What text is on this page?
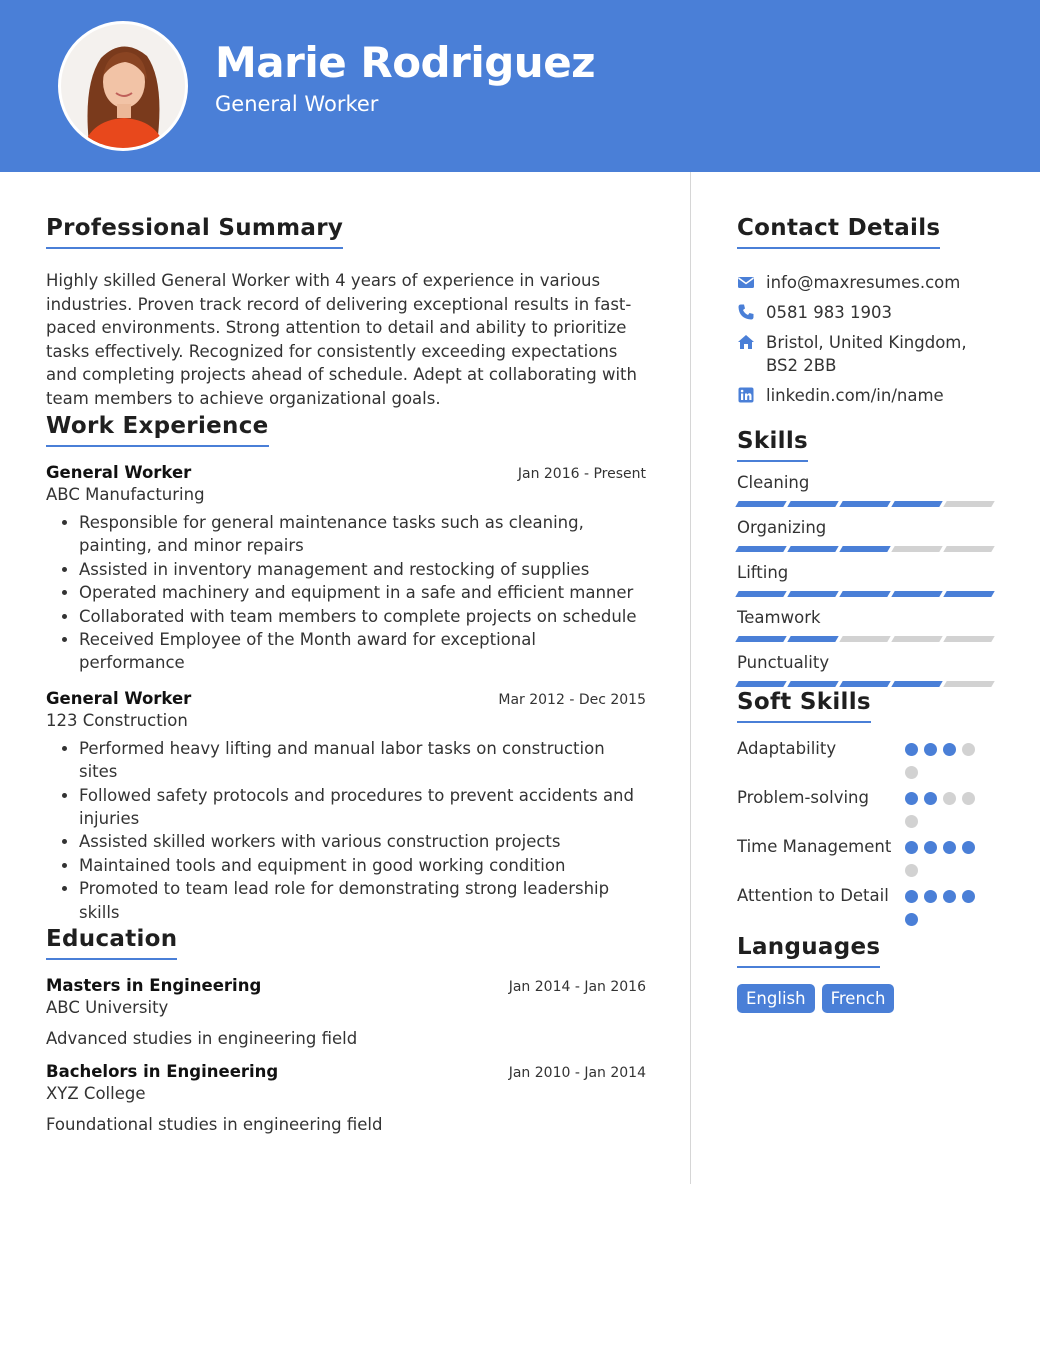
Marie Rodriguez
General Worker
Professional Summary

Highly skilled General Worker with 4 years of experience in various industries. Proven track record of delivering exceptional results in fast-paced environments. Strong attention to detail and ability to prioritize tasks effectively. Recognized for consistently exceeding expectations and completing projects ahead of schedule. Adept at collaborating with team members to achieve organizational goals.

Work Experience
General Worker	Jan 2016 - Present
ABC Manufacturing
• Responsible for general maintenance tasks such as cleaning, painting, and minor repairs
• Assisted in inventory management and restocking of supplies
• Operated machinery and equipment in a safe and efficient manner
• Collaborated with team members to complete projects on schedule
• Received Employee of the Month award for exceptional performance
General Worker	Mar 2012 - Dec 2015
123 Construction
• Performed heavy lifting and manual labor tasks on construction sites
• Followed safety protocols and procedures to prevent accidents and injuries
• Assisted skilled workers with various construction projects
• Maintained tools and equipment in good working condition
• Promoted to team lead role for demonstrating strong leadership skills
Education
Masters in Engineering	Jan 2014 - Jan 2016
ABC University
Advanced studies in engineering field
Bachelors in Engineering	Jan 2010 - Jan 2014
XYZ College
Foundational studies in engineering field
Contact Details
info@maxresumes.com
0581 983 1903
Bristol, United Kingdom, BS2 2BB
linkedin.com/in/name
Skills
Cleaning
Organizing
Lifting
Teamwork
Punctuality
Soft Skills
Adaptability
Problem-solving
Time Management
Attention to Detail
Languages
English	French
